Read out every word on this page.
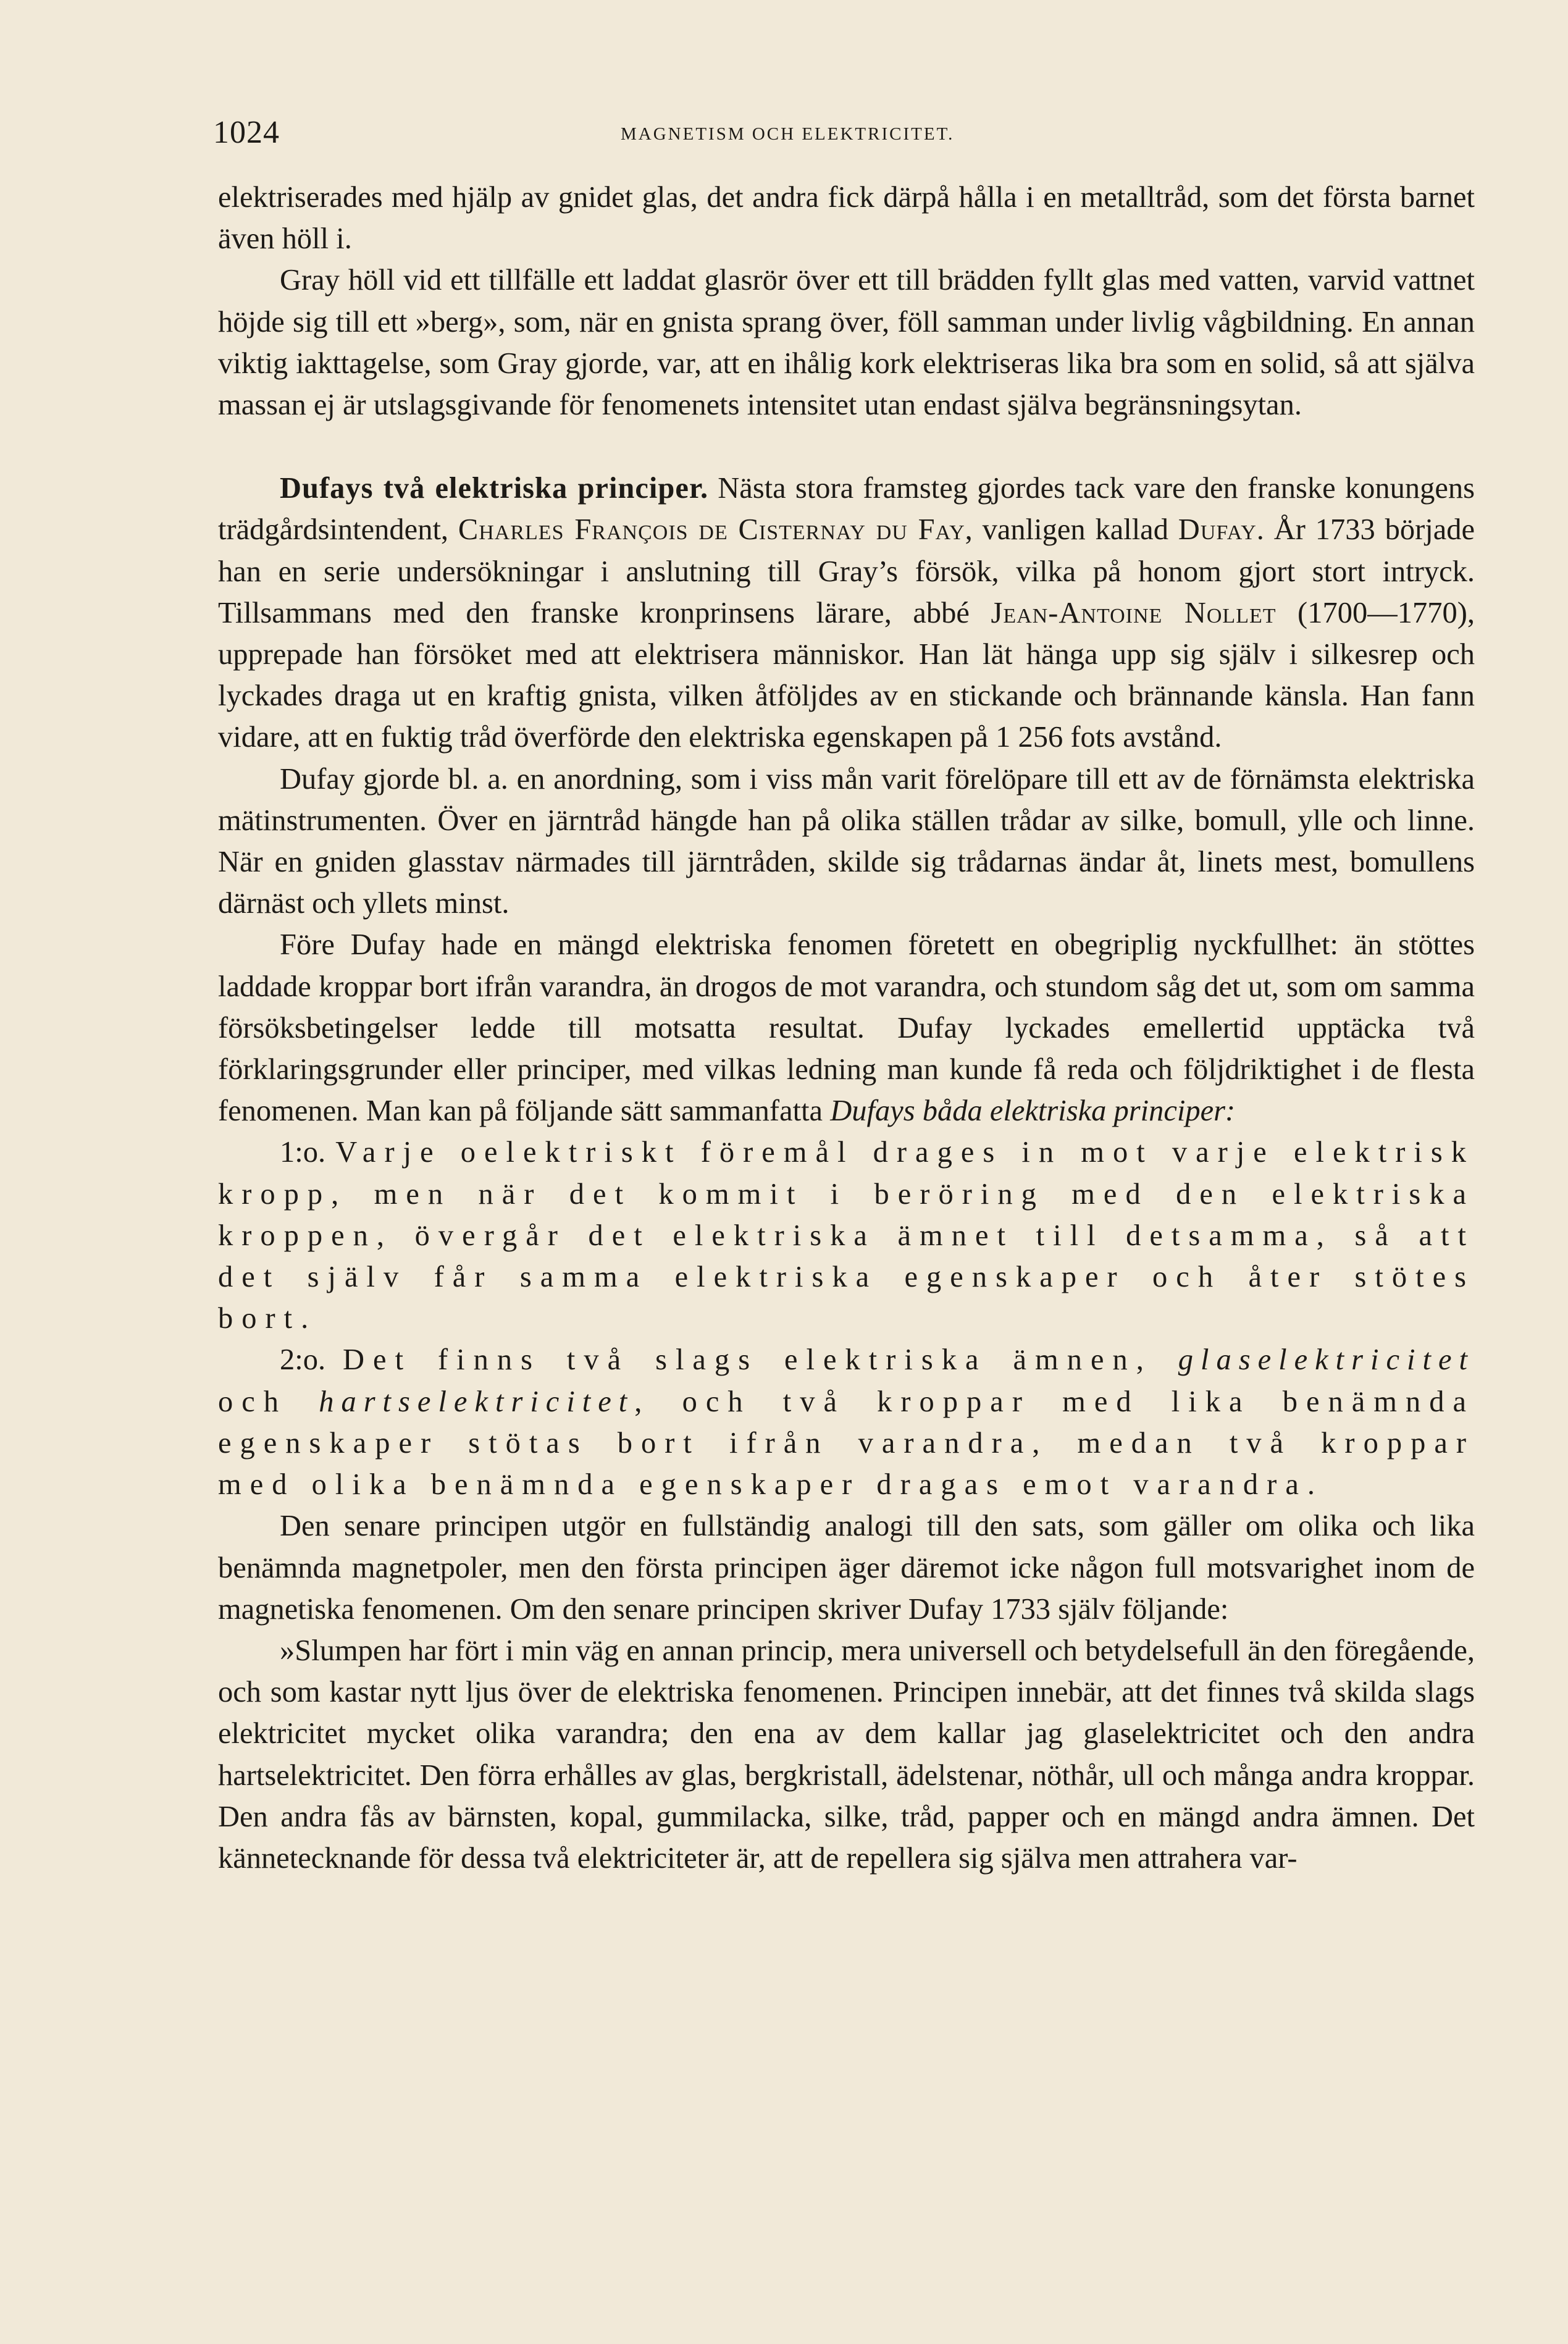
1024	MAGNETISM OCH ELEKTRICITET.

elektriserades med hjälp av gnidet glas, det andra fick därpå hålla i en metalltråd, som det första barnet även höll i.

Gray höll vid ett tillfälle ett laddat glasrör över ett till brädden fyllt glas med vatten, varvid vattnet höjde sig till ett »berg», som, när en gnista sprang över, föll samman under livlig vågbildning. En annan viktig iakttagelse, som Gray gjorde, var, att en ihålig kork elektriseras lika bra som en solid, så att själva massan ej är utslagsgivande för fenomenets intensitet utan endast själva begränsningsytan.

Dufays två elektriska principer. Nästa stora framsteg gjordes tack vare den franske konungens trädgårdsintendent, Charles François de Cisternay du Fay, vanligen kallad Dufay. År 1733 började han en serie undersökningar i anslutning till Gray’s försök, vilka på honom gjort stort intryck. Tillsammans med den franske kronprinsens lärare, abbé Jean-Antoine Nollet (1700—1770), upprepade han försöket med att elektrisera människor. Han lät hänga upp sig själv i silkesrep och lyckades draga ut en kraftig gnista, vilken åtföljdes av en stickande och brännande känsla. Han fann vidare, att en fuktig tråd överförde den elektriska egenskapen på 1 256 fots avstånd.

Dufay gjorde bl. a. en anordning, som i viss mån varit förelöpare till ett av de förnämsta elektriska mätinstrumenten. Över en järntråd hängde han på olika ställen trådar av silke, bomull, ylle och linne. När en gniden glasstav närmades till järntråden, skilde sig trådarnas ändar åt, linets mest, bomullens därnäst och yllets minst.

Före Dufay hade en mängd elektriska fenomen företett en obegriplig nyckfullhet: än stöttes laddade kroppar bort ifrån varandra, än drogos de mot varandra, och stundom såg det ut, som om samma försöksbetingelser ledde till motsatta resultat. Dufay lyckades emellertid upptäcka två förklaringsgrunder eller principer, med vilkas ledning man kunde få reda och följdriktighet i de flesta fenomenen. Man kan på följande sätt sammanfatta Dufays båda elektriska principer:

1:o. Varje oelektriskt föremål drages in mot varje elektrisk kropp, men när det kommit i beröring med den elektriska kroppen, övergår det elektriska ämnet till detsamma, så att det själv får samma elektriska egenskaper och åter stötes bort.

2:o. Det finns två slags elektriska ämnen, glaselektricitet och hartselektricitet, och två kroppar med lika benämnda egenskaper stötas bort ifrån varandra, medan två kroppar med olika benämnda egenskaper dragas emot varandra.

Den senare principen utgör en fullständig analogi till den sats, som gäller om olika och lika benämnda magnetpoler, men den första principen äger däremot icke någon full motsvarighet inom de magnetiska fenomenen. Om den senare principen skriver Dufay 1733 själv följande:

»Slumpen har fört i min väg en annan princip, mera universell och betydelsefull än den föregående, och som kastar nytt ljus över de elektriska fenomenen. Principen innebär, att det finnes två skilda slags elektricitet mycket olika varandra; den ena av dem kallar jag glaselektricitet och den andra hartselektricitet. Den förra erhålles av glas, bergkristall, ädelstenar, nöthår, ull och många andra kroppar. Den andra fås av bärnsten, kopal, gummilacka, silke, tråd, papper och en mängd andra ämnen. Det kännetecknande för dessa två elektriciteter är, att de repellera sig själva men attrahera var-
